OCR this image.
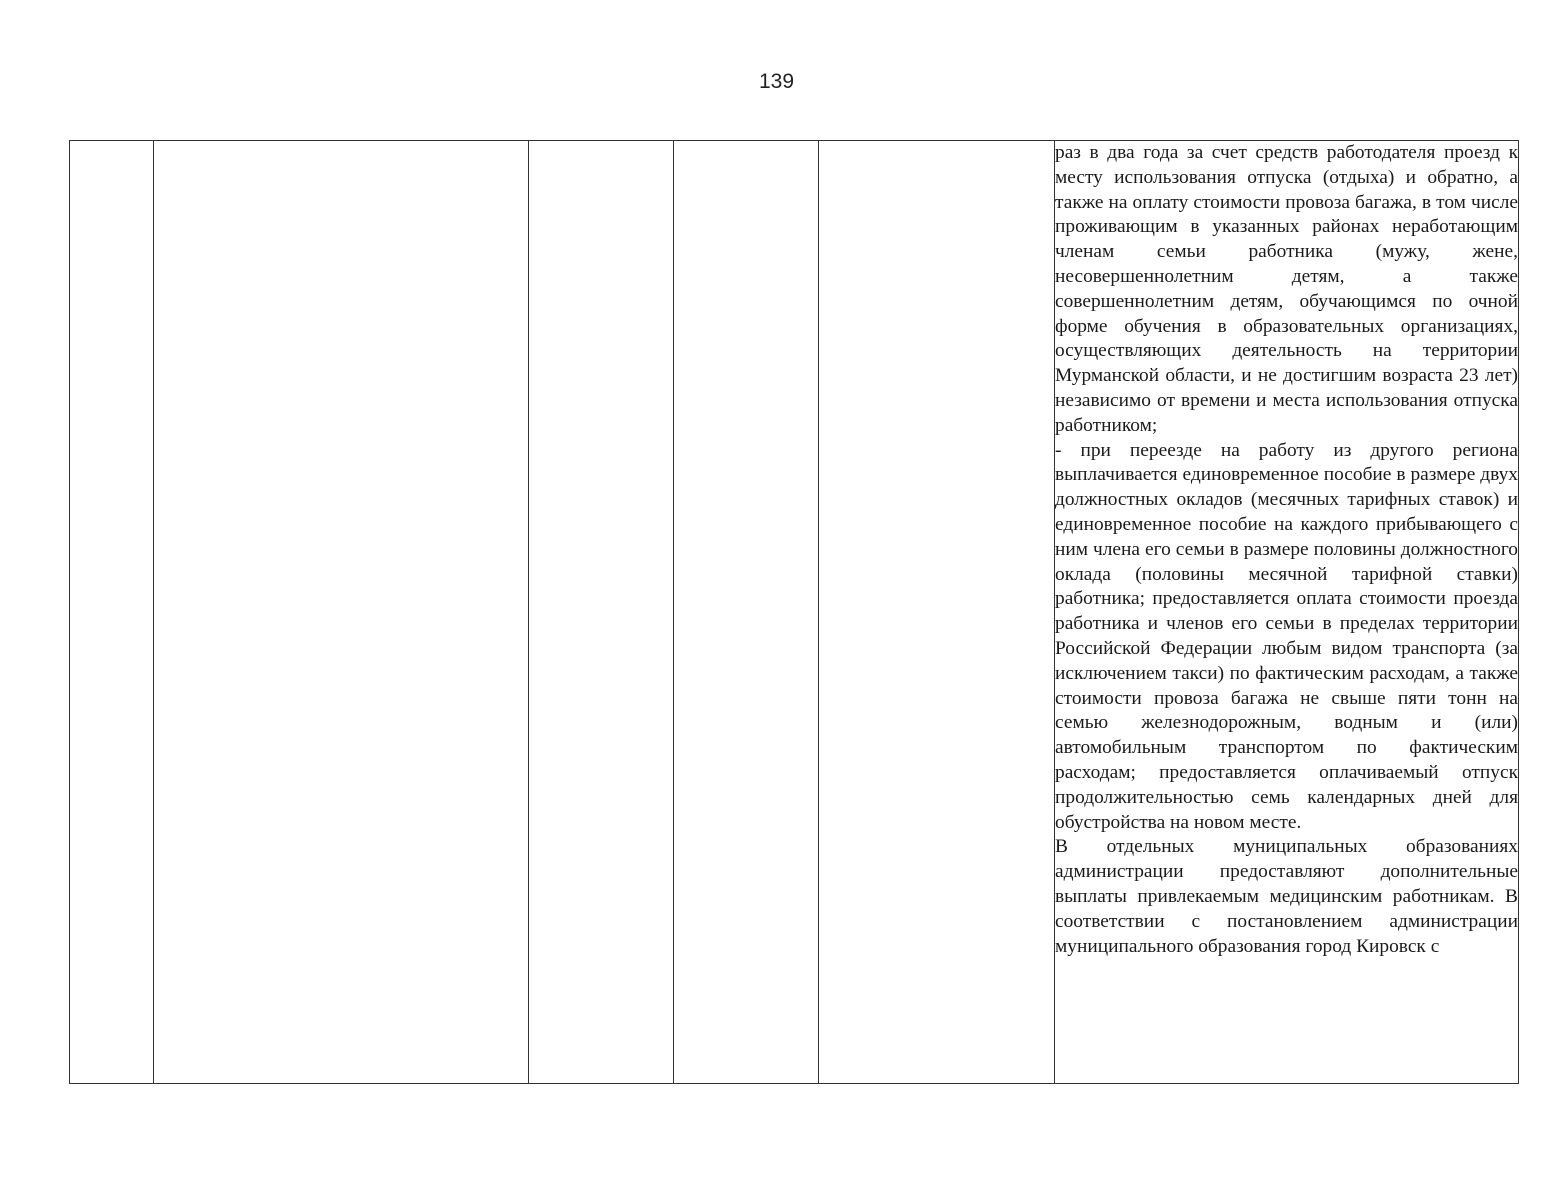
139

раз в два года за счет средств работодателя проезд к месту использования отпуска (отдыха) и обратно, а также на оплату стоимости провоза багажа, в том числе проживающим в указанных районах неработающим членам семьи работника (мужу, жене, несовершеннолетним детям, а также совершеннолетним детям, обучающимся по очной форме обучения в образовательных организациях, осуществляющих деятельность на территории Мурманской области, и не достигшим возраста 23 лет) независимо от времени и места использования отпуска работником;

- при переезде на работу из другого региона выплачивается единовременное пособие в размере двух должностных окладов (месячных тарифных ставок) и единовременное пособие на каждого прибывающего с ним члена его семьи в размере половины должностного оклада (половины месячной тарифной ставки) работника; предоставляется оплата стоимости проезда работника и членов его семьи в пределах территории Российской Федерации любым видом транспорта (за исключением такси) по фактическим расходам, а также стоимости провоза багажа не свыше пяти тонн на семью железнодорожным, водным и (или) автомобильным транспортом по фактическим расходам; предоставляется оплачиваемый отпуск продолжительностью семь календарных дней для обустройства на новом месте.

В отдельных муниципальных образованиях администрации предоставляют дополнительные выплаты привлекаемым медицинским работникам. В соответствии с постановлением администрации муниципального образования город Кировск с
